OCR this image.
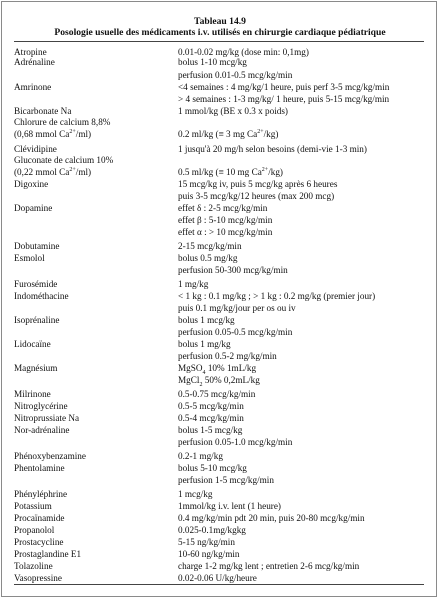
Tableau 14.9
Posologie usuelle des médicaments i.v. utilisés en chirurgie cardiaque pédiatrique
Atropine	0.01-0.02 mg/kg (dose min: 0,1mg)
Adrénaline	bolus 1-10 mcg/kg
perfusion 0.01-0.5 mcg/kg/min
Amrinone	<4 semaines : 4 mg/kg/1 heure, puis perf 3-5 mcg/kg/min
> 4 semaines : 1-3 mg/kg/ 1 heure, puis 5-15 mcg/kg/min
Bicarbonate Na	1 mmol/kg (BE x 0.3 x poids)
Chlorure de calcium 8,8%
(0,68 mmol $Ca^{2+}/ml$)	0.2 ml/kg (≡ 3 mg $Ca^{2+}/kg$)
Clévidipine	1 jusqu'à 20 mg/h selon besoins (demi-vie 1-3 min)
Gluconate de calcium 10%
(0,22 mmol $Ca^{2+}/ml$)	0.5 ml/kg (≡ 10 mg $Ca^{2+}/kg$)
Digoxine	15 mcg/kg iv, puis 5 mcg/kg après 6 heures
puis 3-5 mcg/kg/12 heures (max 200 mcg)
Dopamine	effet δ : 2-5 mcg/kg/min
effet β : 5-10 mcg/kg/min
effet α : > 10 mcg/kg/min
Dobutamine	2-15 mcg/kg/min
Esmolol	bolus 0.5 mg/kg
perfusion 50-300 mcg/kg/min
Furosémide	1 mg/kg
Indométhacine	< 1 kg : 0.1 mg/kg ; > 1 kg : 0.2 mg/kg (premier jour)
puis 0.1 mg/kg/jour per os ou iv
Isoprénaline	bolus 1 mcg/kg
perfusion 0.05-0.5 mcg/kg/min
Lidocaïne	bolus 1 mg/kg
perfusion 0.5-2 mg/kg/min
Magnésium	MgSO$_4$ 10% 1mL/kg
MgCl$_2$ 50% 0,2mL/kg
Milrinone	0.5-0.75 mcg/kg/min
Nitroglycérine	0.5-5 mcg/kg/min
Nitroprussiate Na	0.5-4 mcg/kg/min
Nor-adrénaline	bolus 1-5 mcg/kg
perfusion 0.05-1.0 mcg/kg/min
Phénoxybenzamine	0.2-1 mg/kg
Phentolamine	bolus 5-10 mcg/kg
perfusion 1-5 mcg/kg/min
Phényléphrine	1 mcg/kg
Potassium	1mmol/kg i.v. lent (1 heure)
Procaïnamide	0.4 mg/kg/min pdt 20 min, puis 20-80 mcg/kg/min
Propanolol	0.025-0.1mg/kgkg
Prostacycline	5-15 ng/kg/min
Prostaglandine E1	10-60 ng/kg/min
Tolazoline	charge 1-2 mg/kg lent ; entretien 2-6 mcg/kg/min
Vasopressine	0.02-0.06 U/kg/heure
